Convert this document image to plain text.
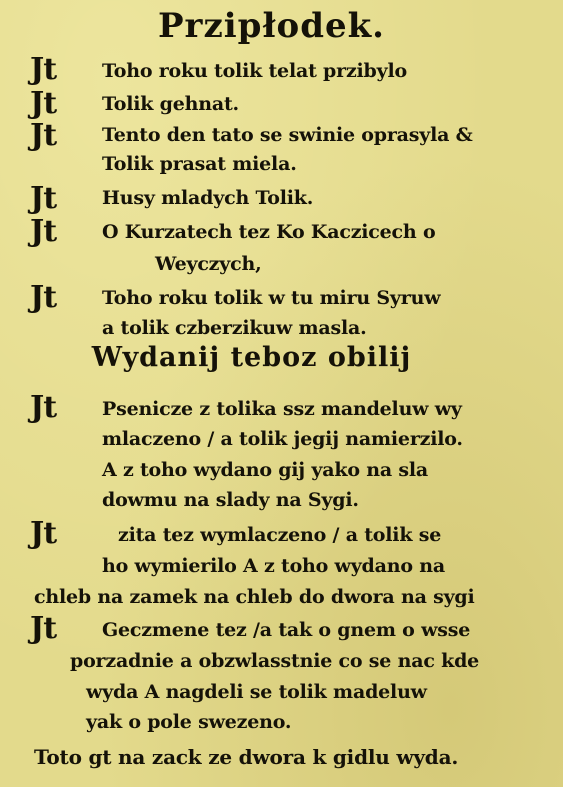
Przipłodek.
Jt Toho roku tolik telat przibylo
Jt Tolik gehnat.
Jt Tento den tato se swinie oprasyla &
Tolik prasat miela.
Jt Husy mladych Tolik.
Jt O Kurzatech tez Ko Kaczicech o
Weyczych,
Jt Toho roku tolik w tu miru Syruw
a tolik czberzikuw masla.
Wydanij teboz obilij
Jt Psenicze z tolika ssz mandeluw wy
mlaczeno / a tolik jegij namierzilo.
A z toho wydano gij yako na sla
dowmu na slady na Sygi.
Jt	zita tez wymlaczeno / a tolik se
ho wymierilo A z toho wydano na
chleb na zamek na chleb do dwora na sygi
Jt Geczmene tez /a tak o gnem o wsse
porzadnie a obzwlasstnie co se nac kde
wyda A nagdeli se tolik madeluw
yak o pole swezeno.
Toto gt na zack ze dwora k gidlu wyda.
